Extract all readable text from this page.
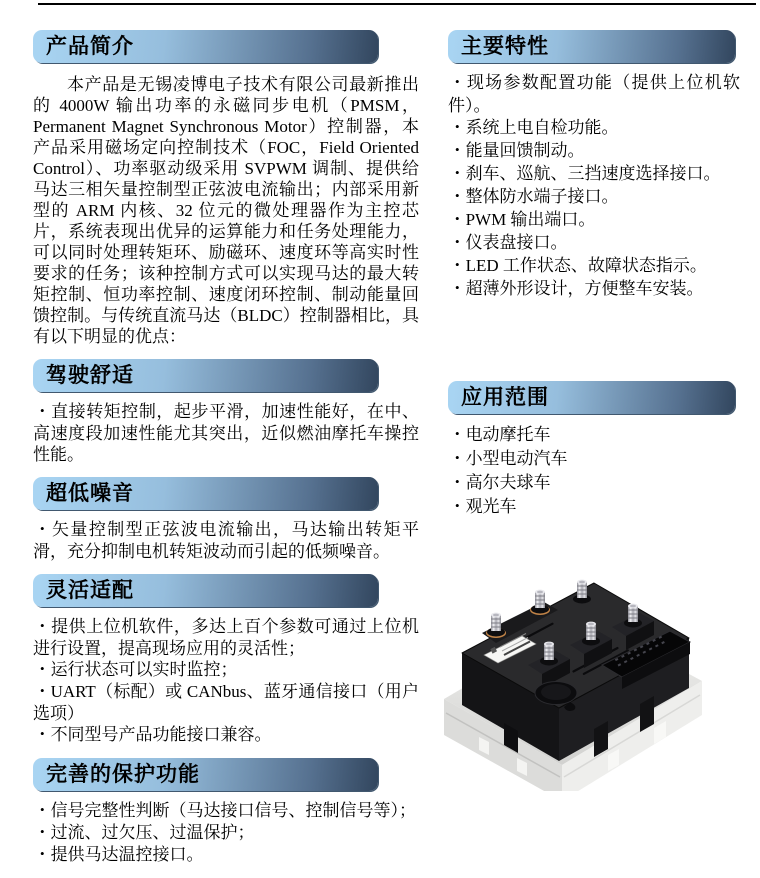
产品简介

本产品是无锡凌博电子技术有限公司最新推出的 4000W 输出功率的永磁同步电机（PMSM，Permanent Magnet Synchronous Motor）控制器，本产品采用磁场定向控制技术（FOC，Field Oriented Control）、功率驱动级采用 SVPWM 调制、提供给马达三相矢量控制型正弦波电流输出；内部采用新型的 ARM 内核、32 位元的微处理器作为主控芯片，系统表现出优异的运算能力和任务处理能力，可以同时处理转矩环、励磁环、速度环等高实时性要求的任务；该种控制方式可以实现马达的最大转矩控制、恒功率控制、速度闭环控制、制动能量回馈控制。与传统直流马达（BLDC）控制器相比，具有以下明显的优点：

驾驶舒适

• 直接转矩控制，起步平滑，加速性能好，在中、高速度段加速性能尤其突出，近似燃油摩托车操控性能。

超低噪音

• 矢量控制型正弦波电流输出，马达输出转矩平滑，充分抑制电机转矩波动而引起的低频噪音。

灵活适配

• 提供上位机软件，多达上百个参数可通过上位机进行设置，提高现场应用的灵活性；

• 运行状态可以实时监控；

• UART（标配）或 CANbus、蓝牙通信接口（用户选项）

• 不同型号产品功能接口兼容。

完善的保护功能

• 信号完整性判断（马达接口信号、控制信号等）；

• 过流、过欠压、过温保护；

• 提供马达温控接口。

主要特性

• 现场参数配置功能（提供上位机软件）。

• 系统上电自检功能。

• 能量回馈制动。

• 刹车、巡航、三挡速度选择接口。

• 整体防水端子接口。

• PWM 输出端口。

• 仪表盘接口。

• LED 工作状态、故障状态指示。

• 超薄外形设计，方便整车安装。

应用范围

• 电动摩托车

• 小型电动汽车

• 高尔夫球车

• 观光车
